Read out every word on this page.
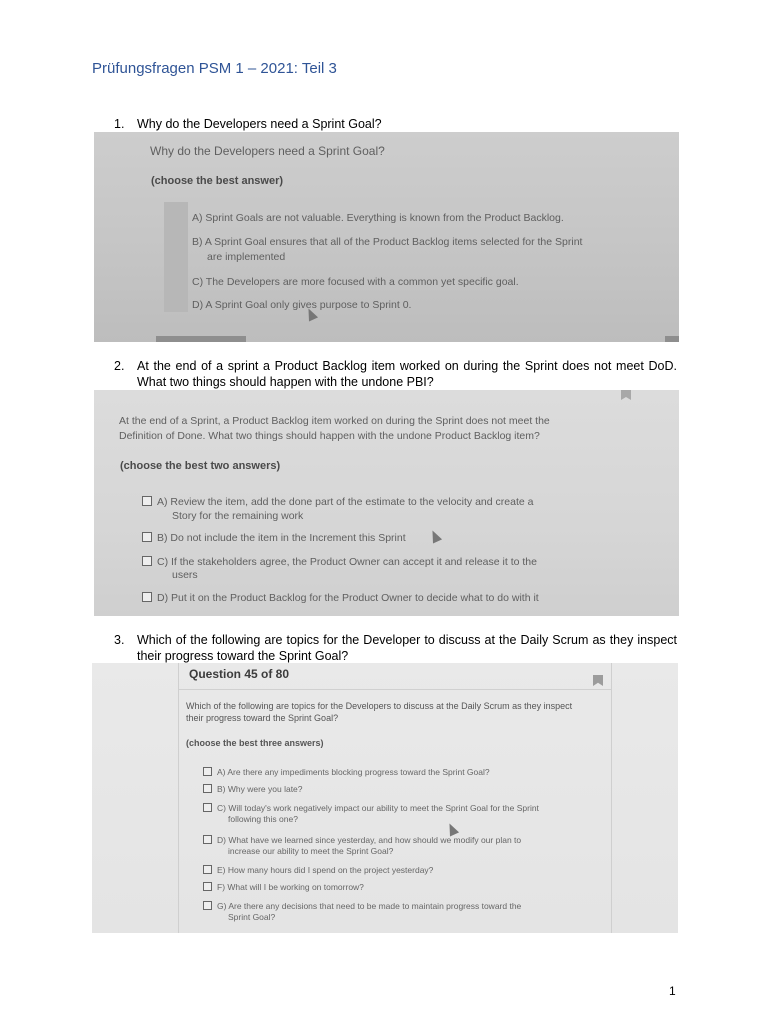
Prüfungsfragen PSM 1 – 2021: Teil 3
1. Why do the Developers need a Sprint Goal?
Why do the Developers need a Sprint Goal?
(choose the best answer)
A) Sprint Goals are not valuable. Everything is known from the Product Backlog.
B) A Sprint Goal ensures that all of the Product Backlog items selected for the Sprint
are implemented
C) The Developers are more focused with a common yet specific goal.
D) A Sprint Goal only gives purpose to Sprint 0.
2. At the end of a sprint a Product Backlog item worked on during the Sprint does not meet DoD. What two things should happen with the undone PBI?
At the end of a Sprint, a Product Backlog item worked on during the Sprint does not meet the
Definition of Done. What two things should happen with the undone Product Backlog item?
(choose the best two answers)
A) Review the item, add the done part of the estimate to the velocity and create a
Story for the remaining work
B) Do not include the item in the Increment this Sprint
C) If the stakeholders agree, the Product Owner can accept it and release it to the
users
D) Put it on the Product Backlog for the Product Owner to decide what to do with it
3. Which of the following are topics for the Developer to discuss at the Daily Scrum as they inspect their progress toward the Sprint Goal?
Question 45 of 80
Which of the following are topics for the Developers to discuss at the Daily Scrum as they inspect
their progress toward the Sprint Goal?
(choose the best three answers)
A) Are there any impediments blocking progress toward the Sprint Goal?
B) Why were you late?
C) Will today's work negatively impact our ability to meet the Sprint Goal for the Sprint
following this one?
D) What have we learned since yesterday, and how should we modify our plan to
increase our ability to meet the Sprint Goal?
E) How many hours did I spend on the project yesterday?
F) What will I be working on tomorrow?
G) Are there any decisions that need to be made to maintain progress toward the
Sprint Goal?
1
